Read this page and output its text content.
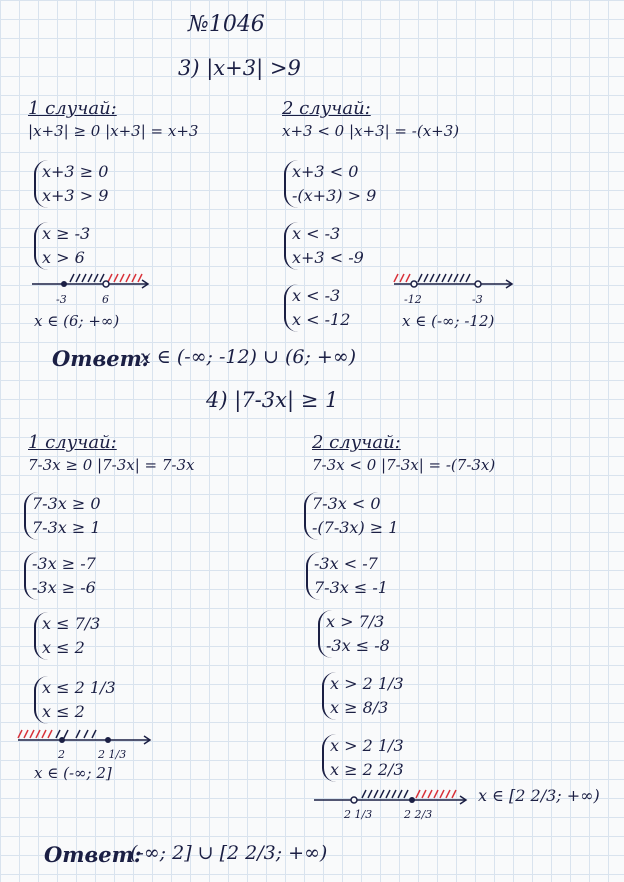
№1046
3) |x+3| >9
1 случай:
|x+3| ≥ 0 |x+3| = x+3
x+3 ≥ 0
x+3 > 9
x ≥ -3
x > 6
-3	6
x ∈ (6; +∞)
2 случай:
x+3 < 0 |x+3| = -(x+3)
x+3 < 0
-(x+3) > 9
x < -3
x+3 < -9
x < -3
x < -12
-12	-3
x ∈ (-∞; -12)
Ответ:
x ∈ (-∞; -12) ∪ (6; +∞)
4) |7-3x| ≥ 1
1 случай:
7-3x ≥ 0 |7-3x| = 7-3x
7-3x ≥ 0
7-3x ≥ 1
-3x ≥ -7
-3x ≥ -6
x ≤ 7/3
x ≤ 2
x ≤ 2 1/3
x ≤ 2
2	2 1/3
x ∈ (-∞; 2]
2 случай:
7-3x < 0 |7-3x| = -(7-3x)
7-3x < 0
-(7-3x) ≥ 1
-3x < -7
7-3x ≤ -1
x > 7/3
-3x ≤ -8
x > 2 1/3
x ≥ 8/3
x > 2 1/3
x ≥ 2 2/3
2 1/3	2 2/3
x ∈ [2 2/3; +∞)
Ответ:
(-∞; 2] ∪ [2 2/3; +∞)
